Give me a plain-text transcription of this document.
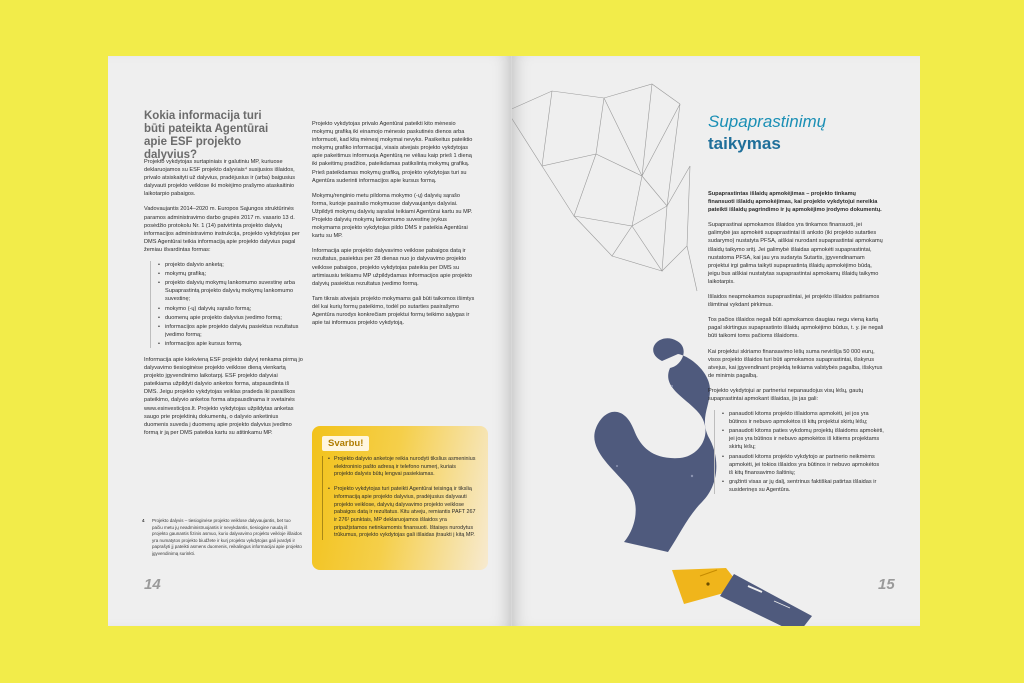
Kokia informacija turi būti pateikta Agentūrai apie ESF projekto dalyvius?

Projekto vykdytojas surtapiniais ir galutiniu MP, kuriuose deklaruojamos su ESF projekto dalyviais⁴ susijusios išlaidos, privalo atsiskaityti už dalyvius, pradėjusius ir (arba) baigusius dalyvauti projekto veiklose iki mokėjimo prašymo ataskaitinio laikotarpio pabaigos.

Vadovaujantis 2014–2020 m. Europos Sąjungos struktūrinės paramos administravimo darbo grupės 2017 m. vasario 13 d. posėdžio protokolu Nr. 1 (14) patvirtinta projekto dalyvių informacijos administravimo instrukcija, projekto vykdytojas per DMS Agentūrai teikia informaciją apie projekto dalyvius pagal žemiau išvardintas formas:

• projekto dalyvio anketą;
• mokymų grafiką;
• projekto dalyvių mokymų lankomumo suvestinę arba Supaprastintą projekto dalyvių mokymų lankomumo suvestinę;
• mokymo (-ų) dalyvių sąrašo formą;
• duomenų apie projekto dalyvius įvedimo formą;
• informacijos apie projekto dalyvių pasiektus rezultatus įvedimo formą;
• informacijos apie kursus formą.

Informacija apie kiekvieną ESF projekto dalyvį renkama pirmą jo dalyvavimo tiesioginėse projekto veiklose dieną vienkartą projekto įgyvendinimo laikotarpį. ESF projekto dalyviai pateikiama užpildyti dalyvio anketos forma, atspausdinta iš DMS. Jeigu projekto vykdytojas veiklas pradeda iki paraiškos pateikimo, dalyvio anketos forma atspausdinama ir svetainės www.esinvesticijos.lt. Projekto vykdytojas užpildytas anketas saugo prie projektinių dokumentų, o dalyvio anketinius duomenis suveda į duomenų apie projekto dalyvius įvedimo formą ir ją per DMS pateikia kartu su atitinkamu MP.

4	Projekto dalyvis – tiesioginėse projekto veiklose dalyvaujantis, bet tuo pačiu metu jų neadministruojantis ir nevykdantis, tiesiogine naudą iš projekto gaunantis fizinis asmuo, kurio dalyvavimo projekto veikloje išlaidos yra numatytos projekto biudžete ir kurį projekto vykdytojas gali įvardyti ir paprašyti jį pateikti asmens duomenis, reikalingus informacijai apie projekto įgyvendinimą surinkti.

Projekto vykdytojas privalo Agentūrai pateikti kito mėnesio mokymų grafiką iki einamojo mėnesio paskutinės dienos arba informuoti, kad kitą mėnesį mokymai nevyks. Pasikeitus pateiktio mokymų grafiko informacijai, visais atvejais projekto vykdytojas apie pakeitimus informuoja Agentūrą ne vėliau kaip prieš 1 dieną iki pakeitimų pradžios, pateikdamas patikslintą mokymų grafiką. Prieš pateikdamas mokymų grafiką, projekto vykdytojas turi su Agentūra suderinti informacijos apie kursus formą.

Mokymų/renginio metu pildoma mokymo (-ų) dalyvių sąrašo forma, kurioje pasirašo mokymuose dalyvaujantys dalyviai. Užpildyti mokymų dalyvių sąrašai teikiami Agentūrai kartu su MP. Projekto dalyvių mokymų lankomumo suvestinę įvykus mokymams projekto vykdytojas pildo DMS ir pateikia Agentūrai kartu su MP.

Informacija apie projekto dalyvavimo veiklose pabaigos datą ir rezultatus, pasiektus per 28 dienas nuo jo dalyvavimo projekto veiklose pabaigos, projekto vykdytojas pateikia per DMS su artimiausiu teikiamu MP užpildydamas informacijos apie projekto dalyvių pasiektus rezultatus įvedimo formą.

Tam tikrais atvejais projekto mokymams gali būti taikomos išimtys dėl kai kurių formų pateikimo, todėl po sutarties pasirašymo Agentūra nurodys konkrečiam projektui formų teikimo sąlygas ir apie tai informuos projekto vykdytoją.

Svarbu!
• Projekto dalyvio anketoje reikia nurodyti tikslius asmeninius elektroninio pašto adresą ir telefono numerį, kuriais projekto dalyvis būtų lengvai pasiekiamas.
• Projekto vykdytojas turi pateikti Agentūrai teisingą ir tikslią informaciją apie projekto dalyvius, pradėjusius dalyvauti projekto veiklose, dalyvių dalyvavimo projekto veiklose pabaigos datą ir rezultatus. Kitu atveju, remiantis PAFT 267 ir 276¹ punktais, MP deklaruojamos išlaidos yra pripažįstamos netinkamomis finansuoti. Ištaisęs nurodytus trūkumus, projekto vykdytojas gali išlaidas įtraukti į kitą MP.
14
Supaprastinimų
taikymas

Supaprastintas išlaidų apmokėjimas – projekto tinkamų finansuoti išlaidų apmokėjimas, kai projekto vykdytojui nereikia pateikti išlaidų pagrindimo ir jų apmokėjimo įrodymo dokumentų.

Supaprastinai apmokamos išlaidos yra tinkamos finansuoti, jei galimybė jas apmokėti supaprastintai iš anksto (iki projekto sutarties sudarymo) nustatyta PFSA, aiškiai nurodant supaprastintai apmokamų išlaidų taikymo sritį. Jei galimybė išlaidas apmokėti supaprastintai, nustatoma PFSA, kai jau yra sudaryta Sutartis, įgyvendinamam projektui irgi galima taikyti supaprastintą išlaidų apmokėjimo būdą, jeigu bus aiškiai nustatytas supaprastintai apmokamų išlaidų taikymo laikotarpis.

Išlaidos neapmokamos supaprastintai, jei projekto išlaidos patiriamos išimtinai vykdant pirkimus.

Tos pačios išlaidos negali būti apmokamos daugiau negu vieną kartą pagal skirtingus supaprastinto išlaidų apmokėjimo būdus, t. y. jie negali būti taikomi toms pačioms išlaidoms.

Kai projektui skiriamo finansavimo lėšų suma neviršija 50 000 eurų, visos projekto išlaidos turi būti apmokamos supaprastintai, išskyrus atvejus, kai įgyvendinant projektą teikiama valstybės pagalba, išskyrus de minimis pagalbą.

Projekto vykdytojui ar partneriui nepanaudojus visų lėšų, gautų supaprastintai apmokant išlaidas, jis jas gali:

• panaudoti kitoms projekto išlaidoms apmokėti, jei jos yra būtinos ir nebuvo apmokėtos iš kitų projektui skirtų lėšų;
• panaudoti kitoms paties vykdomų projektų išlaidoms apmokėti, jei jos yra būtinos ir nebuvo apmokėtos iš kitiems projektams skirtų lėšų;
• panaudoti kitoms projekto vykdytojo ar partnerio neikmėms apmokėti, jei tokios išlaidos yra būtinos ir nebuvo apmokėtos iš kitų finansavimo šaltinių;
• grąžinti visas ar jų dalį, sentrinus faktiškai patirtas išlaidas ir susiderinęs su Agentūra.
15
